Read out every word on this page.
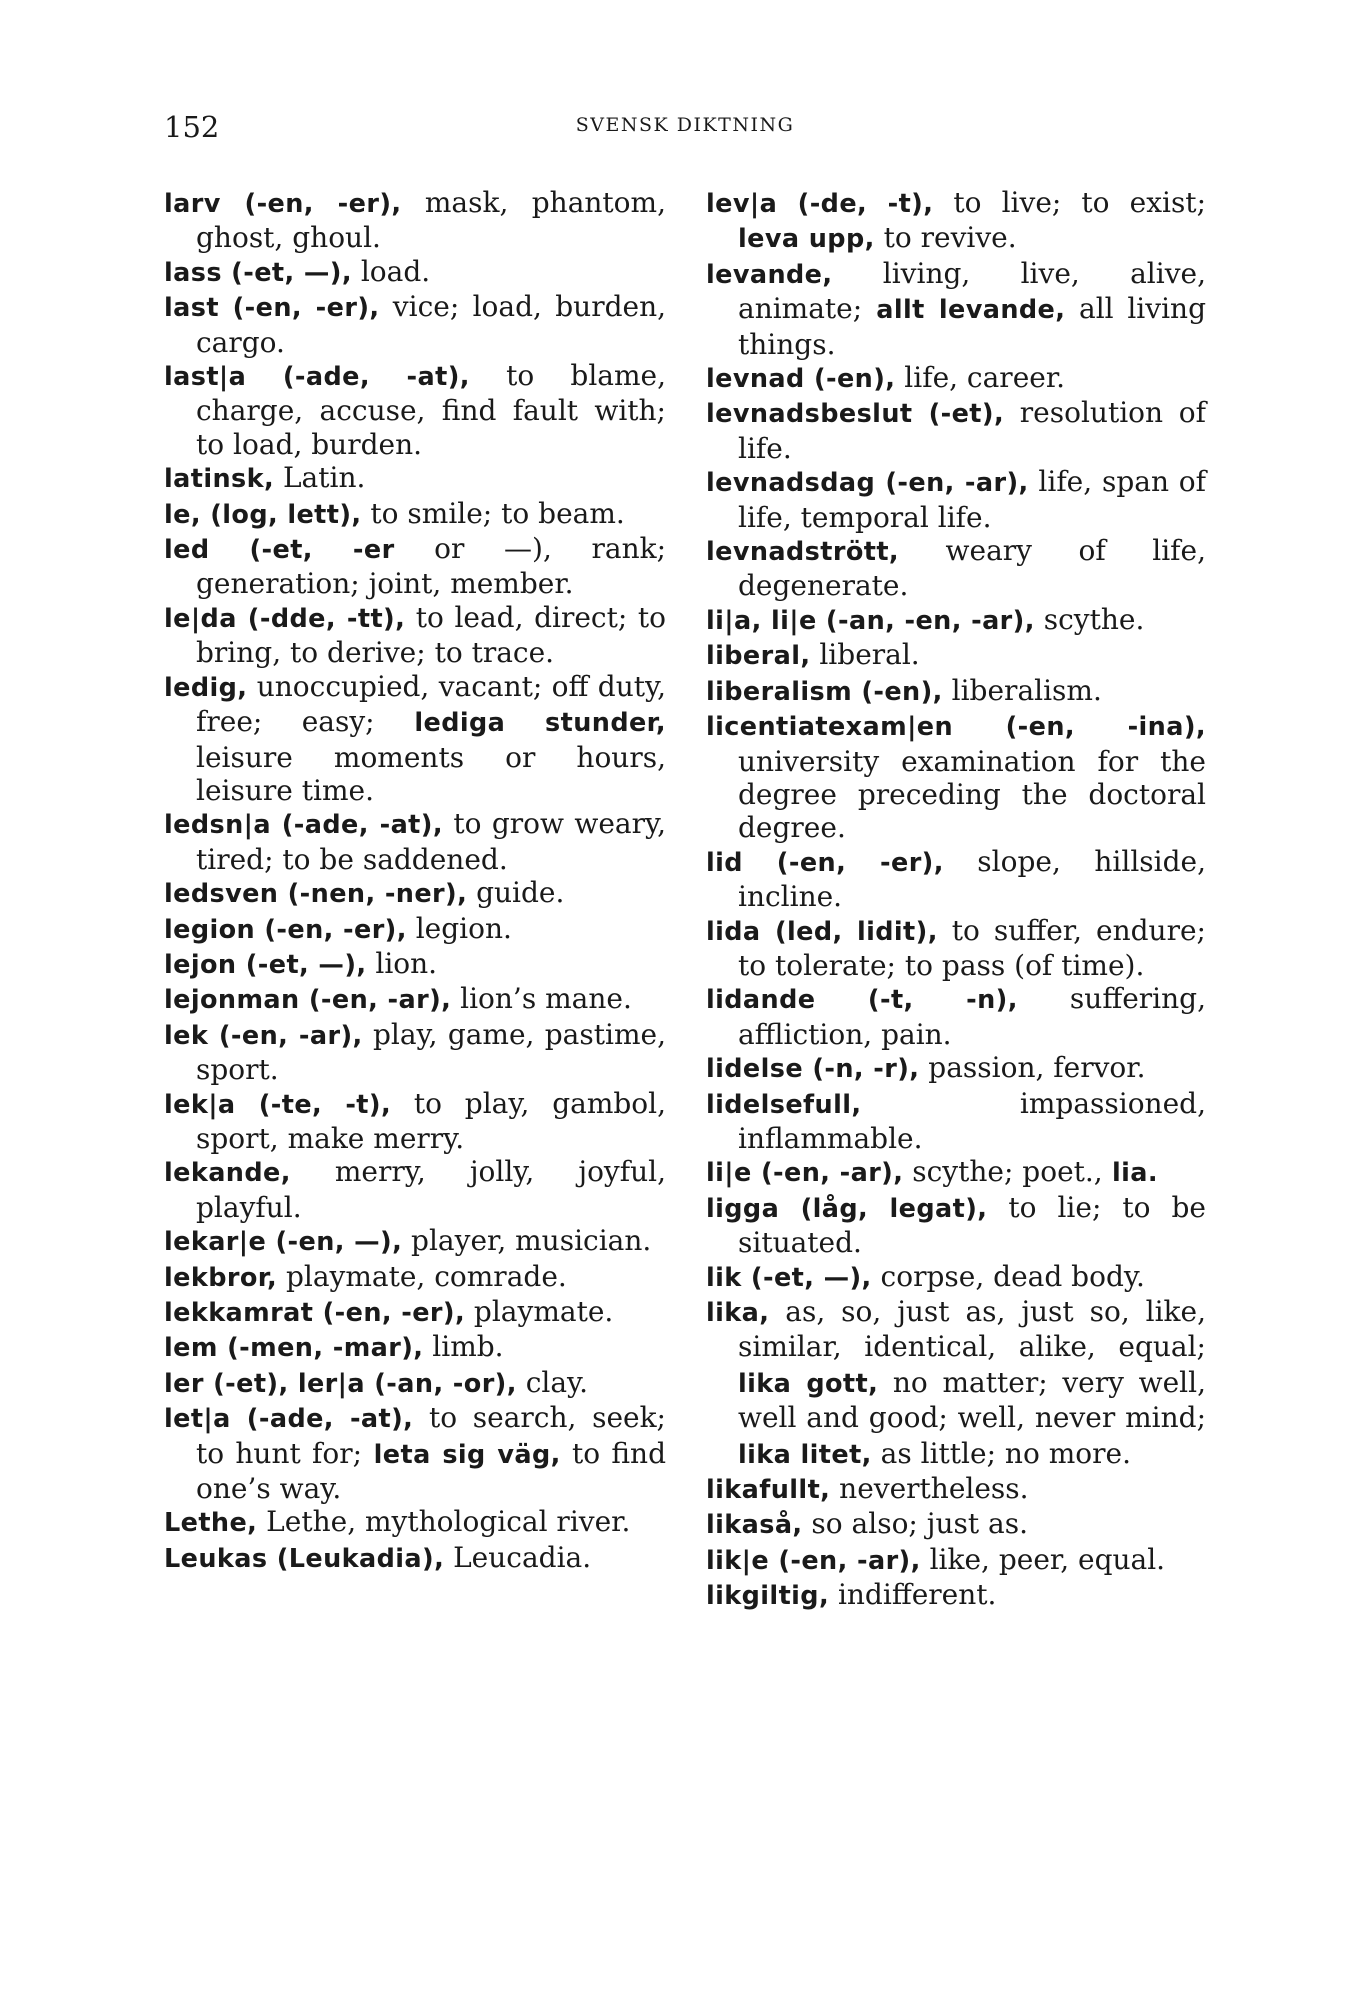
152	SVENSK DIKTNING

larv (-en, -er), mask, phantom, ghost, ghoul.

lass (-et, —), load.

last (-en, -er), vice; load, burden, cargo.

last|a (-ade, -at), to blame, charge, accuse, find fault with; to load, burden.

latinsk, Latin.

le, (log, lett), to smile; to beam.

led (-et, -er or —), rank; generation; joint, member.

le|da (-dde, -tt), to lead, direct; to bring, to derive; to trace.

ledig, unoccupied, vacant; off duty, free; easy; lediga stunder, leisure moments or hours, leisure time.

ledsn|a (-ade, -at), to grow weary, tired; to be saddened.

ledsven (-nen, -ner), guide.

legion (-en, -er), legion.

lejon (-et, —), lion.

lejonman (-en, -ar), lion’s mane.

lek (-en, -ar), play, game, pastime, sport.

lek|a (-te, -t), to play, gambol, sport, make merry.

lekande, merry, jolly, joyful, playful.

lekar|e (-en, —), player, musician.

lekbror, playmate, comrade.

lekkamrat (-en, -er), playmate.

lem (-men, -mar), limb.

ler (-et), ler|a (-an, -or), clay.

let|a (-ade, -at), to search, seek; to hunt for; leta sig väg, to find one’s way.

Lethe, Lethe, mythological river.

Leukas (Leukadia), Leucadia.

lev|a (-de, -t), to live; to exist; leva upp, to revive.

levande, living, live, alive, animate; allt levande, all living things.

levnad (-en), life, career.

levnadsbeslut (-et), resolution of life.

levnadsdag (-en, -ar), life, span of life, temporal life.

levnadstrött, weary of life, degenerate.

li|a, li|e (-an, -en, -ar), scythe.

liberal, liberal.

liberalism (-en), liberalism.

licentiatexam|en (-en, -ina), university examination for the degree preceding the doctoral degree.

lid (-en, -er), slope, hillside, incline.

lida (led, lidit), to suffer, endure; to tolerate; to pass (of time).

lidande (-t, -n), suffering, affliction, pain.

lidelse (-n, -r), passion, fervor.

lidelsefull, impassioned, inflammable.

li|e (-en, -ar), scythe; poet., lia.

ligga (låg, legat), to lie; to be situated.

lik (-et, —), corpse, dead body.

lika, as, so, just as, just so, like, similar, identical, alike, equal; lika gott, no matter; very well, well and good; well, never mind; lika litet, as little; no more.

likafullt, nevertheless.

likaså, so also; just as.

lik|e (-en, -ar), like, peer, equal.

likgiltig, indifferent.
